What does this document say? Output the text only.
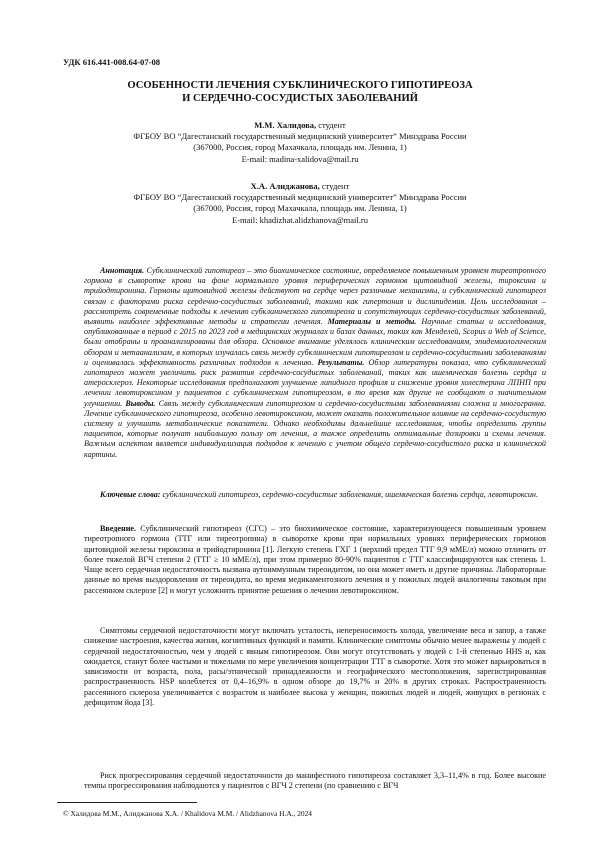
УДК 616.441-008.64-07-08
ОСОБЕННОСТИ ЛЕЧЕНИЯ СУБКЛИНИЧЕСКОГО ГИПОТИРЕОЗА
И СЕРДЕЧНО-СОСУДИСТЫХ ЗАБОЛЕВАНИЙ
М.М. Халидова, студент
ФГБОУ ВО “Дагестанский государственный медицинский университет” Минздрава России
(367000, Россия, город Махачкала, площадь им. Ленина, 1)
E-mail: madina-xalidova@mail.ru
Х.А. Алиджанова, студент
ФГБОУ ВО “Дагестанский государственный медицинский университет” Минздрава России
(367000, Россия, город Махачкала, площадь им. Ленина, 1)
E-mail: khadizhat.alidzhanova@mail.ru
Аннотация. Субклинический гипотиреоз – это биохимическое состояние, определяемое повышенным уровнем тиреотропного гормона в сыворотке крови на фоне нормального уровня периферических гормонов щитовидной железы, тироксина и трийодтиронина. Гормоны щитовидной железы действуют на сердце через различные механизмы, и субклинический гипотиреоз связан с факторами риска сердечно-сосудистых заболеваний, такими как гипертония и дислипидемия. Цель исследования – рассмотреть современные подходы к лечению субклинического гипотиреоза и сопутствующих сердечно-сосудистых заболеваний, выявить наиболее эффективные методы и стратегии лечения. Материалы и методы. Научные статьи и исследования, опубликованные в период с 2015 по 2023 год в медицинских журналах и базах данных, таких как Менделей, Scopus и Web of Science, были отобраны и проанализированы для обзора. Основное внимание уделялось клиническим исследованиям, эпидемиологическим обзорам и метаанализам, в которых изучалась связь между субклиническим гипотиреозом и сердечно-сосудистыми заболеваниями и оценивалась эффективность различных подходов к лечению. Результаты. Обзор литературы показал, что субклинический гипотиреоз может увеличить риск развития сердечно-сосудистых заболеваний, таких как ишемическая болезнь сердца и атеросклероз. Некоторые исследования предполагают улучшение липидного профиля и снижение уровня холестерина ЛПНП при лечении левотироксином у пациентов с субклиническим гипотиреозом, в то время как другие не сообщают о значительном улучшении. Выводы. Связь между субклиническим гипотиреозом и сердечно-сосудистыми заболеваниями сложна и многогранна. Лечение субклинического гипотиреоза, особенно левотироксином, может оказать положительное влияние на сердечно-сосудистую систему и улучшить метаболические показатели. Однако необходимы дальнейшие исследования, чтобы определить группы пациентов, которые получат наибольшую пользу от лечения, а также определить оптимальные дозировки и схемы лечения. Важным аспектом является индивидуализация подходов к лечению с учетом общего сердечно-сосудистого риска и клинической картины.
Ключевые слова: субклинический гипотиреоз, сердечно-сосудистые заболевания, ишемическая болезнь сердца, левотироксин.
Введение. Субклинический гипотиреоз (СГС) – это биохимическое состояние, характеризующееся повышенным уровнем тиреотропного гормона (ТТГ или тиреотропина) в сыворотке крови при нормальных уровнях периферических гормонов щитовидной железы тироксина и трийодтиронина [1]. Легкую степень ГХГ 1 (верхний предел ТТГ 9,9 мМЕ/л) можно отличить от более тяжелой ВГЧ степени 2 (ТТГ ≥ 10 мМЕ/л), при этом примерно 80-90% пациентов с ТТГ классифицируются как степень 1. Чаще всего сердечная недостаточность вызвана аутоиммунным тиреоидитом, но она может иметь и другие причины. Лабораторные данные во время выздоровления от тиреоидита, во время медикаментозного лечения и у пожилых людей аналогичны таковым при рассеянном склерозе [2] и могут усложнить принятие решения о лечении левотироксином.
Симптомы сердечной недостаточности могут включать усталость, непереносимость холода, увеличение веса и запор, а также снижение настроения, качества жизни, когнитивных функций и памяти. Клинические симптомы обычно менее выражены у людей с сердечной недостаточностью, чем у людей с явным гипотиреозом. Они могут отсутствовать у людей с 1-й степенью HHS и, как ожидается, станут более частыми и тяжелыми по мере увеличения концентрации ТТГ в сыворотке. Хотя это может варьироваться в зависимости от возраста, пола, расы/этнической принадлежности и географического местоположения, зарегистрированная распространенность HSP колеблется от 0,4–16,9% в одном обзоре до 19,7% и 20% в других строках. Распространенность рассеянного склероза увеличивается с возрастом и наиболее высока у женщин, пожилых людей и людей, живущих в регионах с дефицитом йода [3].
Риск прогрессирования сердечной недостаточности до манифестного гипотиреоза составляет 3,3–11,4% в год. Более высокие темпы прогрессирования наблюдаются у пациентов с ВГЧ 2 степени (по сравнению с ВГЧ
© Халидова М.М., Алиджанова Х.А. / Khalidova M.M. / Alidzhanova H.A., 2024
